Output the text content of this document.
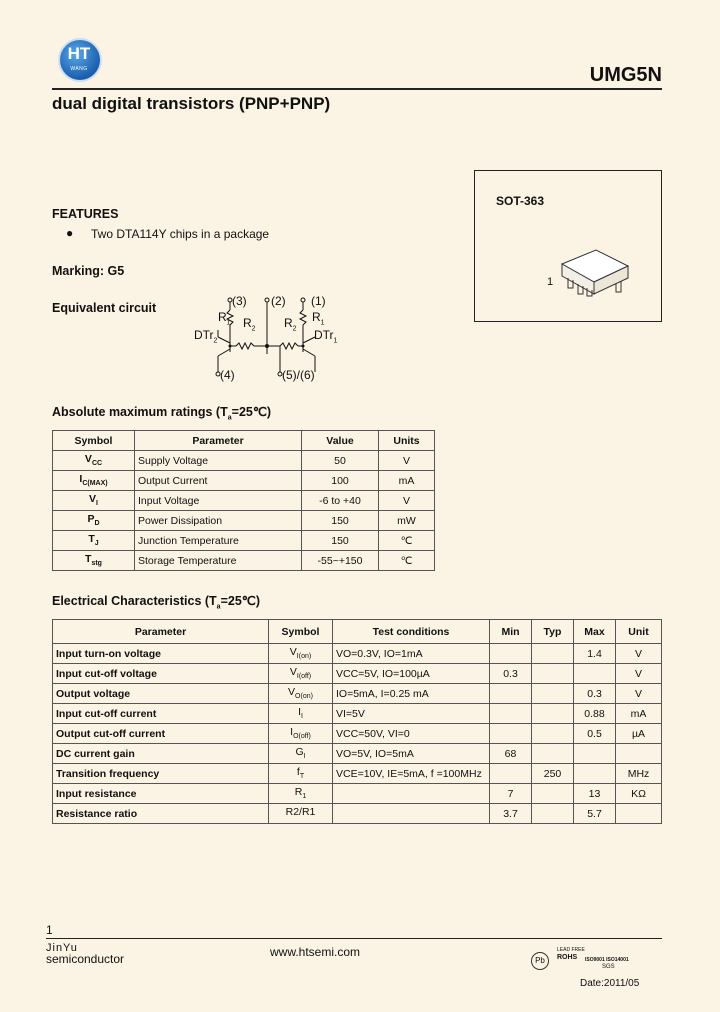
HT
WANG	UMG5N
dual digital transistors (PNP+PNP)
FEATURES
● Two DTA114Y chips in a package
Marking: G5
Equivalent circuit	(3) (2) (1)
$R_1$ $R_2$ $R_2$
$R_1$
DTr$_2$	DTr$_1$
(4)	(5)/(6)
SOT-363
1
Absolute maximum ratings $(T_a=25℃)$
Symbol	Parameter	Value	Units
$V_{CC}$	Supply Voltage	50	V
$I_{C(MAX)}$	Output Current	100	mA
$V_I$	Input Voltage	-6 to +40	V
$P_D$	Power Dissipation	150	mW
$T_J$	Junction Temperature	150	℃
$T_{stg}$	Storage Temperature	-55~+150	℃
Electrical Characteristics $(T_a=25℃)$
Parameter	Symbol	Test conditions	Min	Typ	Max	Unit
Input turn-on voltage	$V_{I(on)}$	VO=0.3V, IO=1mA			1.4	V
Input cut-off voltage	$V_{I(off)}$	VCC=5V, IO=100µA	0.3			V
Output voltage	$V_{O(on)}$	IO=5mA, I=0.25 mA			0.3	V
Input cut-off current	$I_I$	VI=5V			0.88	mA
Output cut-off current	$I_{O(off)}$	VCC=50V, VI=0			0.5	µA
DC current gain	$G_I$	VO=5V, IO=5mA	68			
Transition frequency	$f_T$	VCE=10V, IE=5mA, f =100MHz		250		MHz
Input resistance	$R_1$		7		13	KΩ
Resistance ratio	R2/R1		3.7		5.7	
1
JinYu
semiconductor	www.htsemi.com
Pb
LEAD FREE
ROHS ISO9001 ISO14001
SGS
Date:2011/05
